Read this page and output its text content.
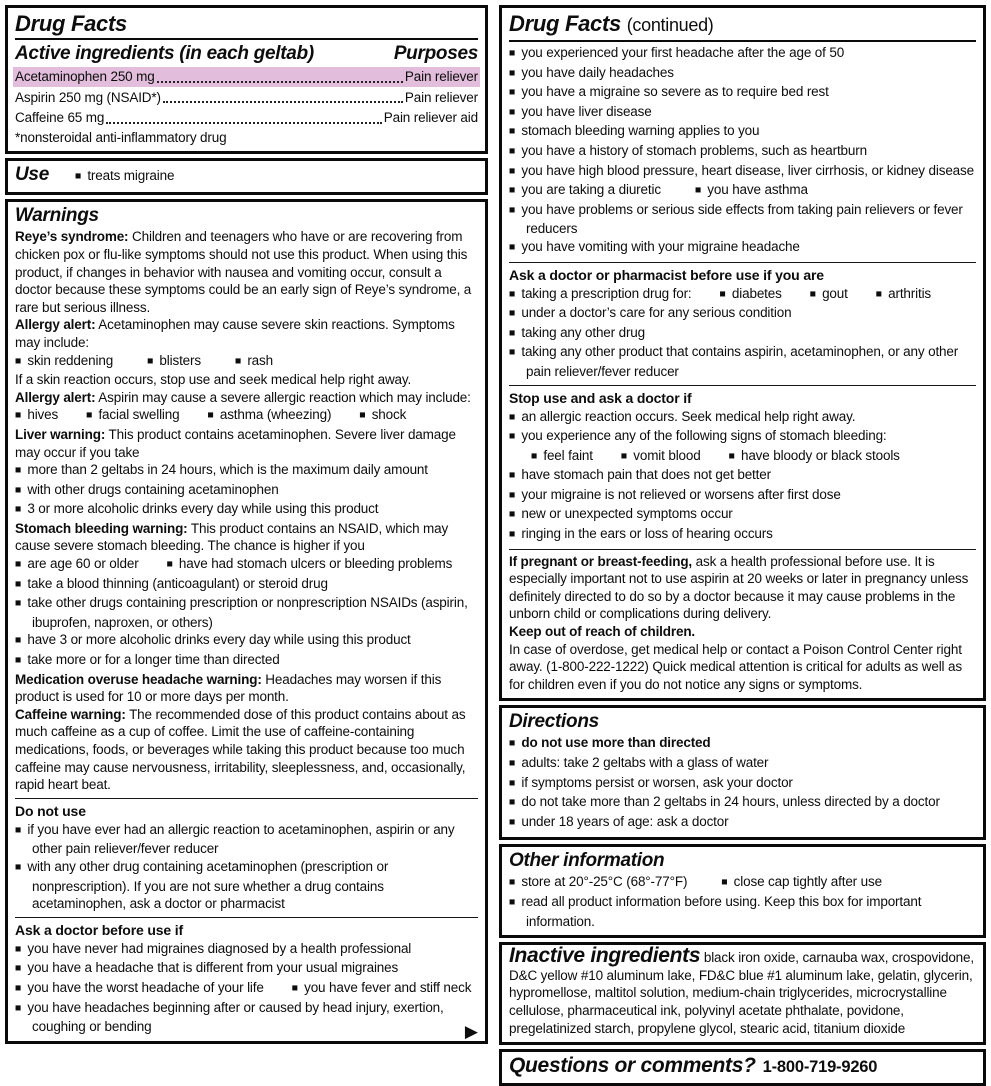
Drug Facts
Active ingredients (in each geltab)	Purposes
Acetaminophen 250 mg	Pain reliever
Aspirin 250 mg (NSAID*)	Pain reliever
Caffeine 65 mg	Pain reliever aid
*nonsteroidal anti-inflammatory drug
Use ■ treats migraine
Warnings
Reye’s syndrome: Children and teenagers who have or are recovering from chicken pox or flu-like symptoms should not use this product. When using this product, if changes in behavior with nausea and vomiting occur, consult a doctor because these symptoms could be an early sign of Reye’s syndrome, a rare but serious illness.
Allergy alert: Acetaminophen may cause severe skin reactions. Symptoms may include:
■ skin reddening	■ blisters	■ rash
If a skin reaction occurs, stop use and seek medical help right away.
Allergy alert: Aspirin may cause a severe allergic reaction which may include:
■ hives	■ facial swelling	■ asthma (wheezing)	■ shock
Liver warning: This product contains acetaminophen. Severe liver damage may occur if you take
■ more than 2 geltabs in 24 hours, which is the maximum daily amount
■ with other drugs containing acetaminophen
■ 3 or more alcoholic drinks every day while using this product
Stomach bleeding warning: This product contains an NSAID, which may cause severe stomach bleeding. The chance is higher if you
■ are age 60 or older	■ have had stomach ulcers or bleeding problems
■ take a blood thinning (anticoagulant) or steroid drug
■ take other drugs containing prescription or nonprescription NSAIDs (aspirin, ibuprofen, naproxen, or others)
■ have 3 or more alcoholic drinks every day while using this product
■ take more or for a longer time than directed
Medication overuse headache warning: Headaches may worsen if this product is used for 10 or more days per month.
Caffeine warning: The recommended dose of this product contains about as much caffeine as a cup of coffee. Limit the use of caffeine-containing medications, foods, or beverages while taking this product because too much caffeine may cause nervousness, irritability, sleeplessness, and, occasionally, rapid heart beat.
Do not use
■ if you have ever had an allergic reaction to acetaminophen, aspirin or any other pain reliever/fever reducer
■ with any other drug containing acetaminophen (prescription or nonprescription). If you are not sure whether a drug contains acetaminophen, ask a doctor or pharmacist
Ask a doctor before use if
■ you have never had migraines diagnosed by a health professional
■ you have a headache that is different from your usual migraines
■ you have the worst headache of your life	■ you have fever and stiff neck
■ you have headaches beginning after or caused by head injury, exertion, coughing or bending	▶
Drug Facts (continued)
■ you experienced your first headache after the age of 50
■ you have daily headaches
■ you have a migraine so severe as to require bed rest
■ you have liver disease
■ stomach bleeding warning applies to you
■ you have a history of stomach problems, such as heartburn
■ you have high blood pressure, heart disease, liver cirrhosis, or kidney disease
■ you are taking a diuretic	■ you have asthma
■ you have problems or serious side effects from taking pain relievers or fever reducers
■ you have vomiting with your migraine headache
Ask a doctor or pharmacist before use if you are
■ taking a prescription drug for:	■ diabetes	■ gout	■ arthritis
■ under a doctor’s care for any serious condition
■ taking any other drug
■ taking any other product that contains aspirin, acetaminophen, or any other pain reliever/fever reducer
Stop use and ask a doctor if
■ an allergic reaction occurs. Seek medical help right away.
■ you experience any of the following signs of stomach bleeding:
■ feel faint	■ vomit blood	■ have bloody or black stools
■ have stomach pain that does not get better
■ your migraine is not relieved or worsens after first dose
■ new or unexpected symptoms occur
■ ringing in the ears or loss of hearing occurs
If pregnant or breast-feeding, ask a health professional before use. It is especially important not to use aspirin at 20 weeks or later in pregnancy unless definitely directed to do so by a doctor because it may cause problems in the unborn child or complications during delivery.
Keep out of reach of children.
In case of overdose, get medical help or contact a Poison Control Center right away. (1-800-222-1222) Quick medical attention is critical for adults as well as for children even if you do not notice any signs or symptoms.
Directions
■ do not use more than directed
■ adults: take 2 geltabs with a glass of water
■ if symptoms persist or worsen, ask your doctor
■ do not take more than 2 geltabs in 24 hours, unless directed by a doctor
■ under 18 years of age: ask a doctor
Other information
■ store at 20°-25°C (68°-77°F)	■ close cap tightly after use
■ read all product information before using. Keep this box for important information.
Inactive ingredients black iron oxide, carnauba wax, crospovidone, D&C yellow #10 aluminum lake, FD&C blue #1 aluminum lake, gelatin, glycerin, hypromellose, maltitol solution, medium-chain triglycerides, microcrystalline cellulose, pharmaceutical ink, polyvinyl acetate phthalate, povidone, pregelatinized starch, propylene glycol, stearic acid, titanium dioxide
Questions or comments? 1-800-719-9260
